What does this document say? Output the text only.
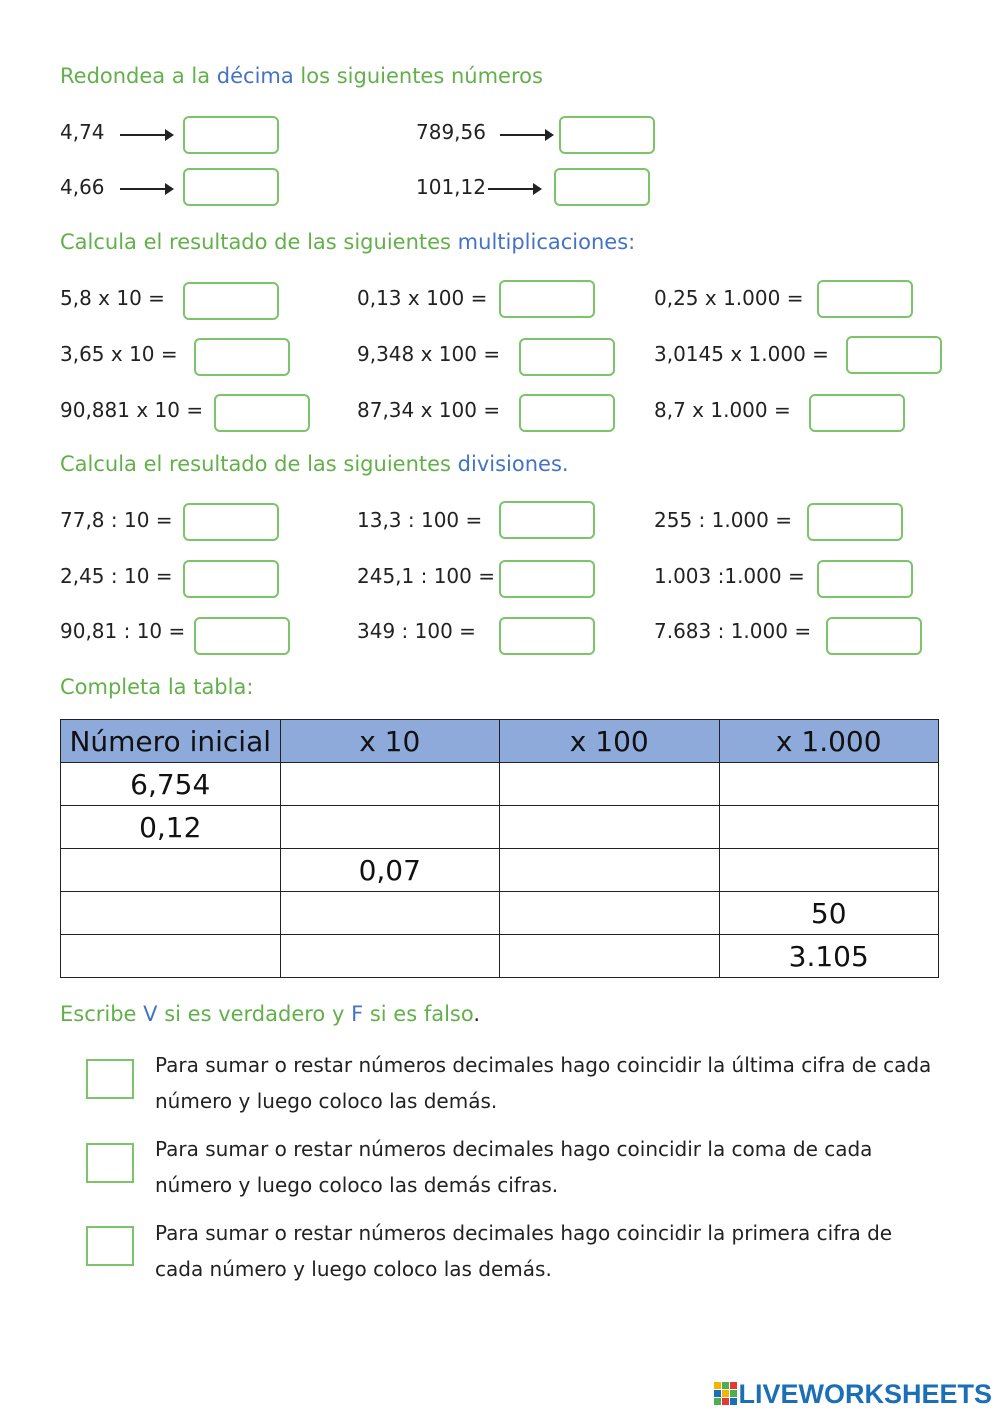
Redondea a la décima los siguientes números
4,74	789,56
4,66	101,12
Calcula el resultado de las siguientes multiplicaciones:
5,8 x 10 =	0,13 x 100 =	0,25 x 1.000 =
3,65 x 10 =	9,348 x 100 =	3,0145 x 1.000 =
90,881 x 10 =	87,34 x 100 =	8,7 x 1.000 =
Calcula el resultado de las siguientes divisiones.
77,8 : 10 =	13,3 : 100 =	255 : 1.000 =
2,45 : 10 =	245,1 : 100 =	1.003 :1.000 =
90,81 : 10 =	349 : 100 =	7.683 : 1.000 =
Completa la tabla:
Número inicial	x 10	x 100	x 1.000
6,754			
0,12			
	0,07		
			50
			3.105
Escribe V si es verdadero y F si es falso.
Para sumar o restar números decimales hago coincidir la última cifra de cada número y luego coloco las demás.
Para sumar o restar números decimales hago coincidir la coma de cada número y luego coloco las demás cifras.
Para sumar o restar números decimales hago coincidir la primera cifra de cada número y luego coloco las demás.
LIVEWORKSHEETS
